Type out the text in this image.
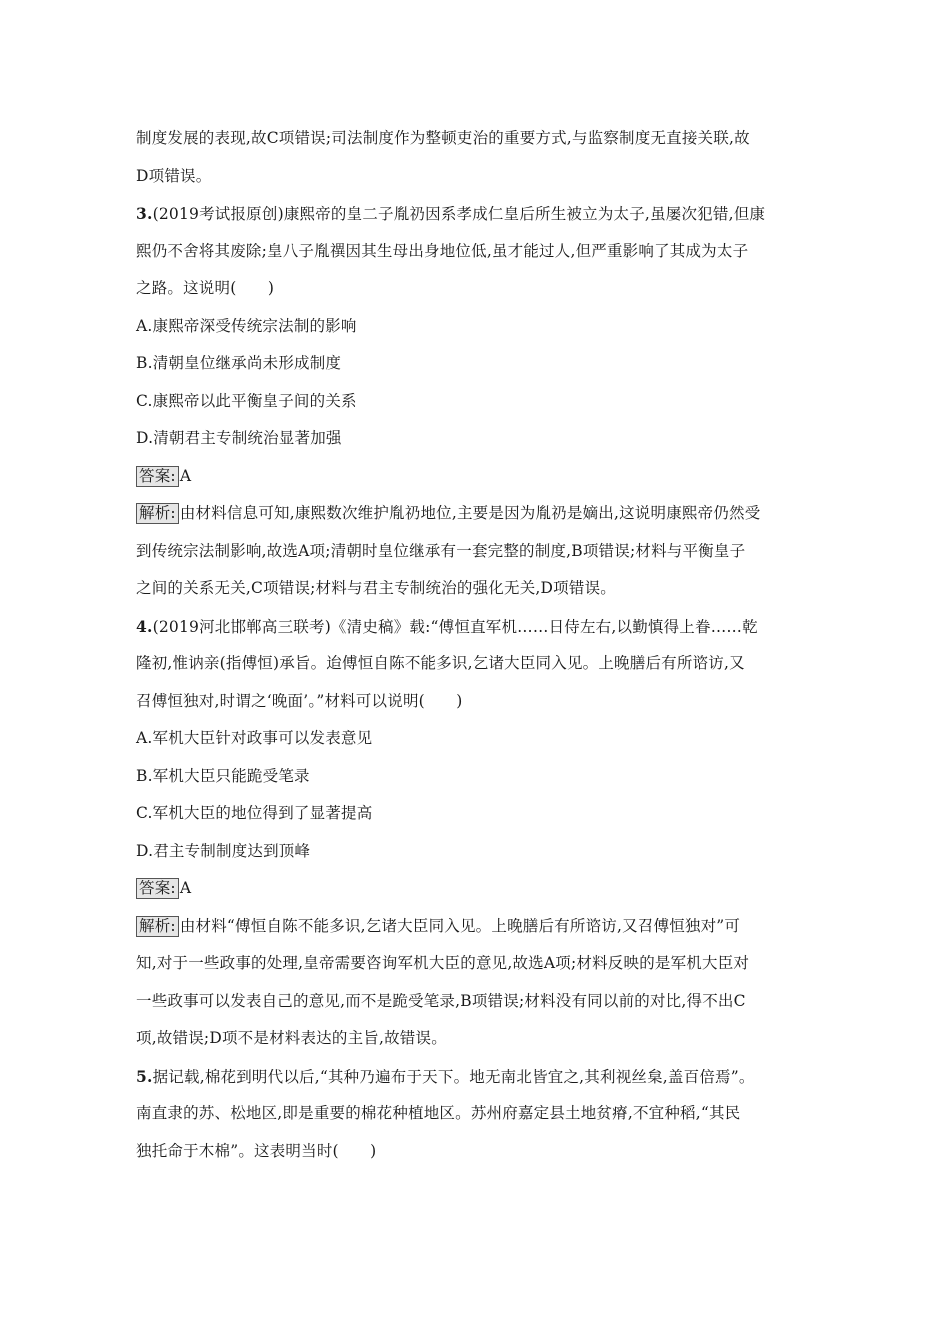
制度发展的表现,故C项错误;司法制度作为整顿吏治的重要方式,与监察制度无直接关联,故
D项错误。
3.(2019考试报原创)康熙帝的皇二子胤礽因系孝成仁皇后所生被立为太子,虽屡次犯错,但康
熙仍不舍将其废除;皇八子胤禩因其生母出身地位低,虽才能过人,但严重影响了其成为太子
之路。这说明(　　)
A.康熙帝深受传统宗法制的影响
B.清朝皇位继承尚未形成制度
C.康熙帝以此平衡皇子间的关系
D.清朝君主专制统治显著加强
答案: A
解析: 由材料信息可知,康熙数次维护胤礽地位,主要是因为胤礽是嫡出,这说明康熙帝仍然受
到传统宗法制影响,故选A项;清朝时皇位继承有一套完整的制度,B项错误;材料与平衡皇子
之间的关系无关,C项错误;材料与君主专制统治的强化无关,D项错误。
4.(2019河北邯郸高三联考)《清史稿》载:“傅恒直军机……日侍左右,以勤慎得上眷……乾
隆初,惟讷亲(指傅恒)承旨。迨傅恒自陈不能多识,乞诸大臣同入见。上晚膳后有所谘访,又
召傅恒独对,时谓之‘晚面’。”材料可以说明(　　)
A.军机大臣针对政事可以发表意见
B.军机大臣只能跪受笔录
C.军机大臣的地位得到了显著提高
D.君主专制制度达到顶峰
答案: A
解析: 由材料“傅恒自陈不能多识,乞诸大臣同入见。上晚膳后有所谘访,又召傅恒独对”可
知,对于一些政事的处理,皇帝需要咨询军机大臣的意见,故选A项;材料反映的是军机大臣对
一些政事可以发表自己的意见,而不是跪受笔录,B项错误;材料没有同以前的对比,得不出C
项,故错误;D项不是材料表达的主旨,故错误。
5.据记载,棉花到明代以后,“其种乃遍布于天下。地无南北皆宜之,其利视丝枲,盖百倍焉”。
南直隶的苏、松地区,即是重要的棉花种植地区。苏州府嘉定县土地贫瘠,不宜种稻,“其民
独托命于木棉”。这表明当时(　　)
